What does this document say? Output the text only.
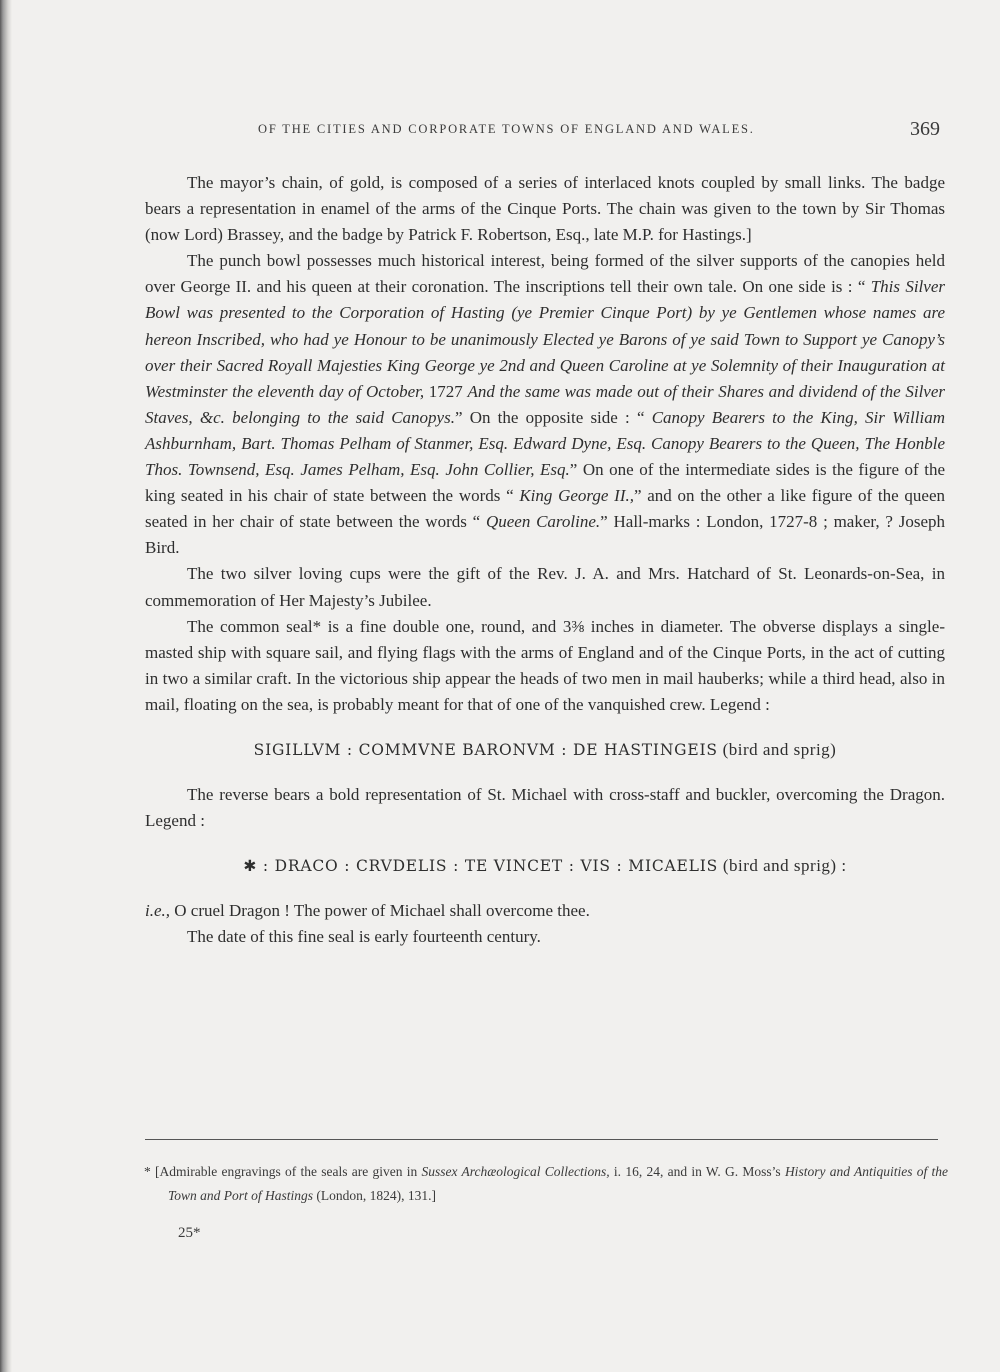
OF THE CITIES AND CORPORATE TOWNS OF ENGLAND AND WALES.	369

The mayor’s chain, of gold, is composed of a series of interlaced knots coupled by small links. The badge bears a representation in enamel of the arms of the Cinque Ports. The chain was given to the town by Sir Thomas (now Lord) Brassey, and the badge by Patrick F. Robertson, Esq., late M.P. for Hastings.]

The punch bowl possesses much historical interest, being formed of the silver supports of the canopies held over George II. and his queen at their coronation. The inscriptions tell their own tale. On one side is : “ This Silver Bowl was presented to the Corporation of Hasting (ye Premier Cinque Port) by ye Gentlemen whose names are hereon Inscribed, who had ye Honour to be unanimously Elected ye Barons of ye said Town to Support ye Canopy’s over their Sacred Royall Majesties King George ye 2nd and Queen Caroline at ye Solemnity of their Inauguration at Westminster the eleventh day of October, 1727 And the same was made out of their Shares and dividend of the Silver Staves, &c. belonging to the said Canopys.” On the opposite side : “ Canopy Bearers to the King, Sir William Ashburnham, Bart. Thomas Pelham of Stanmer, Esq. Edward Dyne, Esq. Canopy Bearers to the Queen, The Honble Thos. Townsend, Esq. James Pelham, Esq. John Collier, Esq.” On one of the intermediate sides is the figure of the king seated in his chair of state between the words “ King George II.,” and on the other a like figure of the queen seated in her chair of state between the words “ Queen Caroline.” Hall-marks : London, 1727-8 ; maker, ? Joseph Bird.

The two silver loving cups were the gift of the Rev. J. A. and Mrs. Hatchard of St. Leonards-on-Sea, in commemoration of Her Majesty’s Jubilee.

The common seal* is a fine double one, round, and 3⅜ inches in diameter. The obverse displays a single-masted ship with square sail, and flying flags with the arms of England and of the Cinque Ports, in the act of cutting in two a similar craft. In the victorious ship appear the heads of two men in mail hauberks; while a third head, also in mail, floating on the sea, is probably meant for that of one of the vanquished crew. Legend :

SIGILLVM : COMMVNE BARONVM : DE HASTINGEIS (bird and sprig)

The reverse bears a bold representation of St. Michael with cross-staff and buckler, overcoming the Dragon. Legend :

✱ : DRACO : CRVDELIS : TE VINCET : VIS : MICAELIS (bird and sprig) :

i.e., O cruel Dragon ! The power of Michael shall overcome thee.

The date of this fine seal is early fourteenth century.

* [Admirable engravings of the seals are given in Sussex Archæological Collections, i. 16, 24, and in W. G. Moss’s History and Antiquities of the Town and Port of Hastings (London, 1824), 131.]

25*
